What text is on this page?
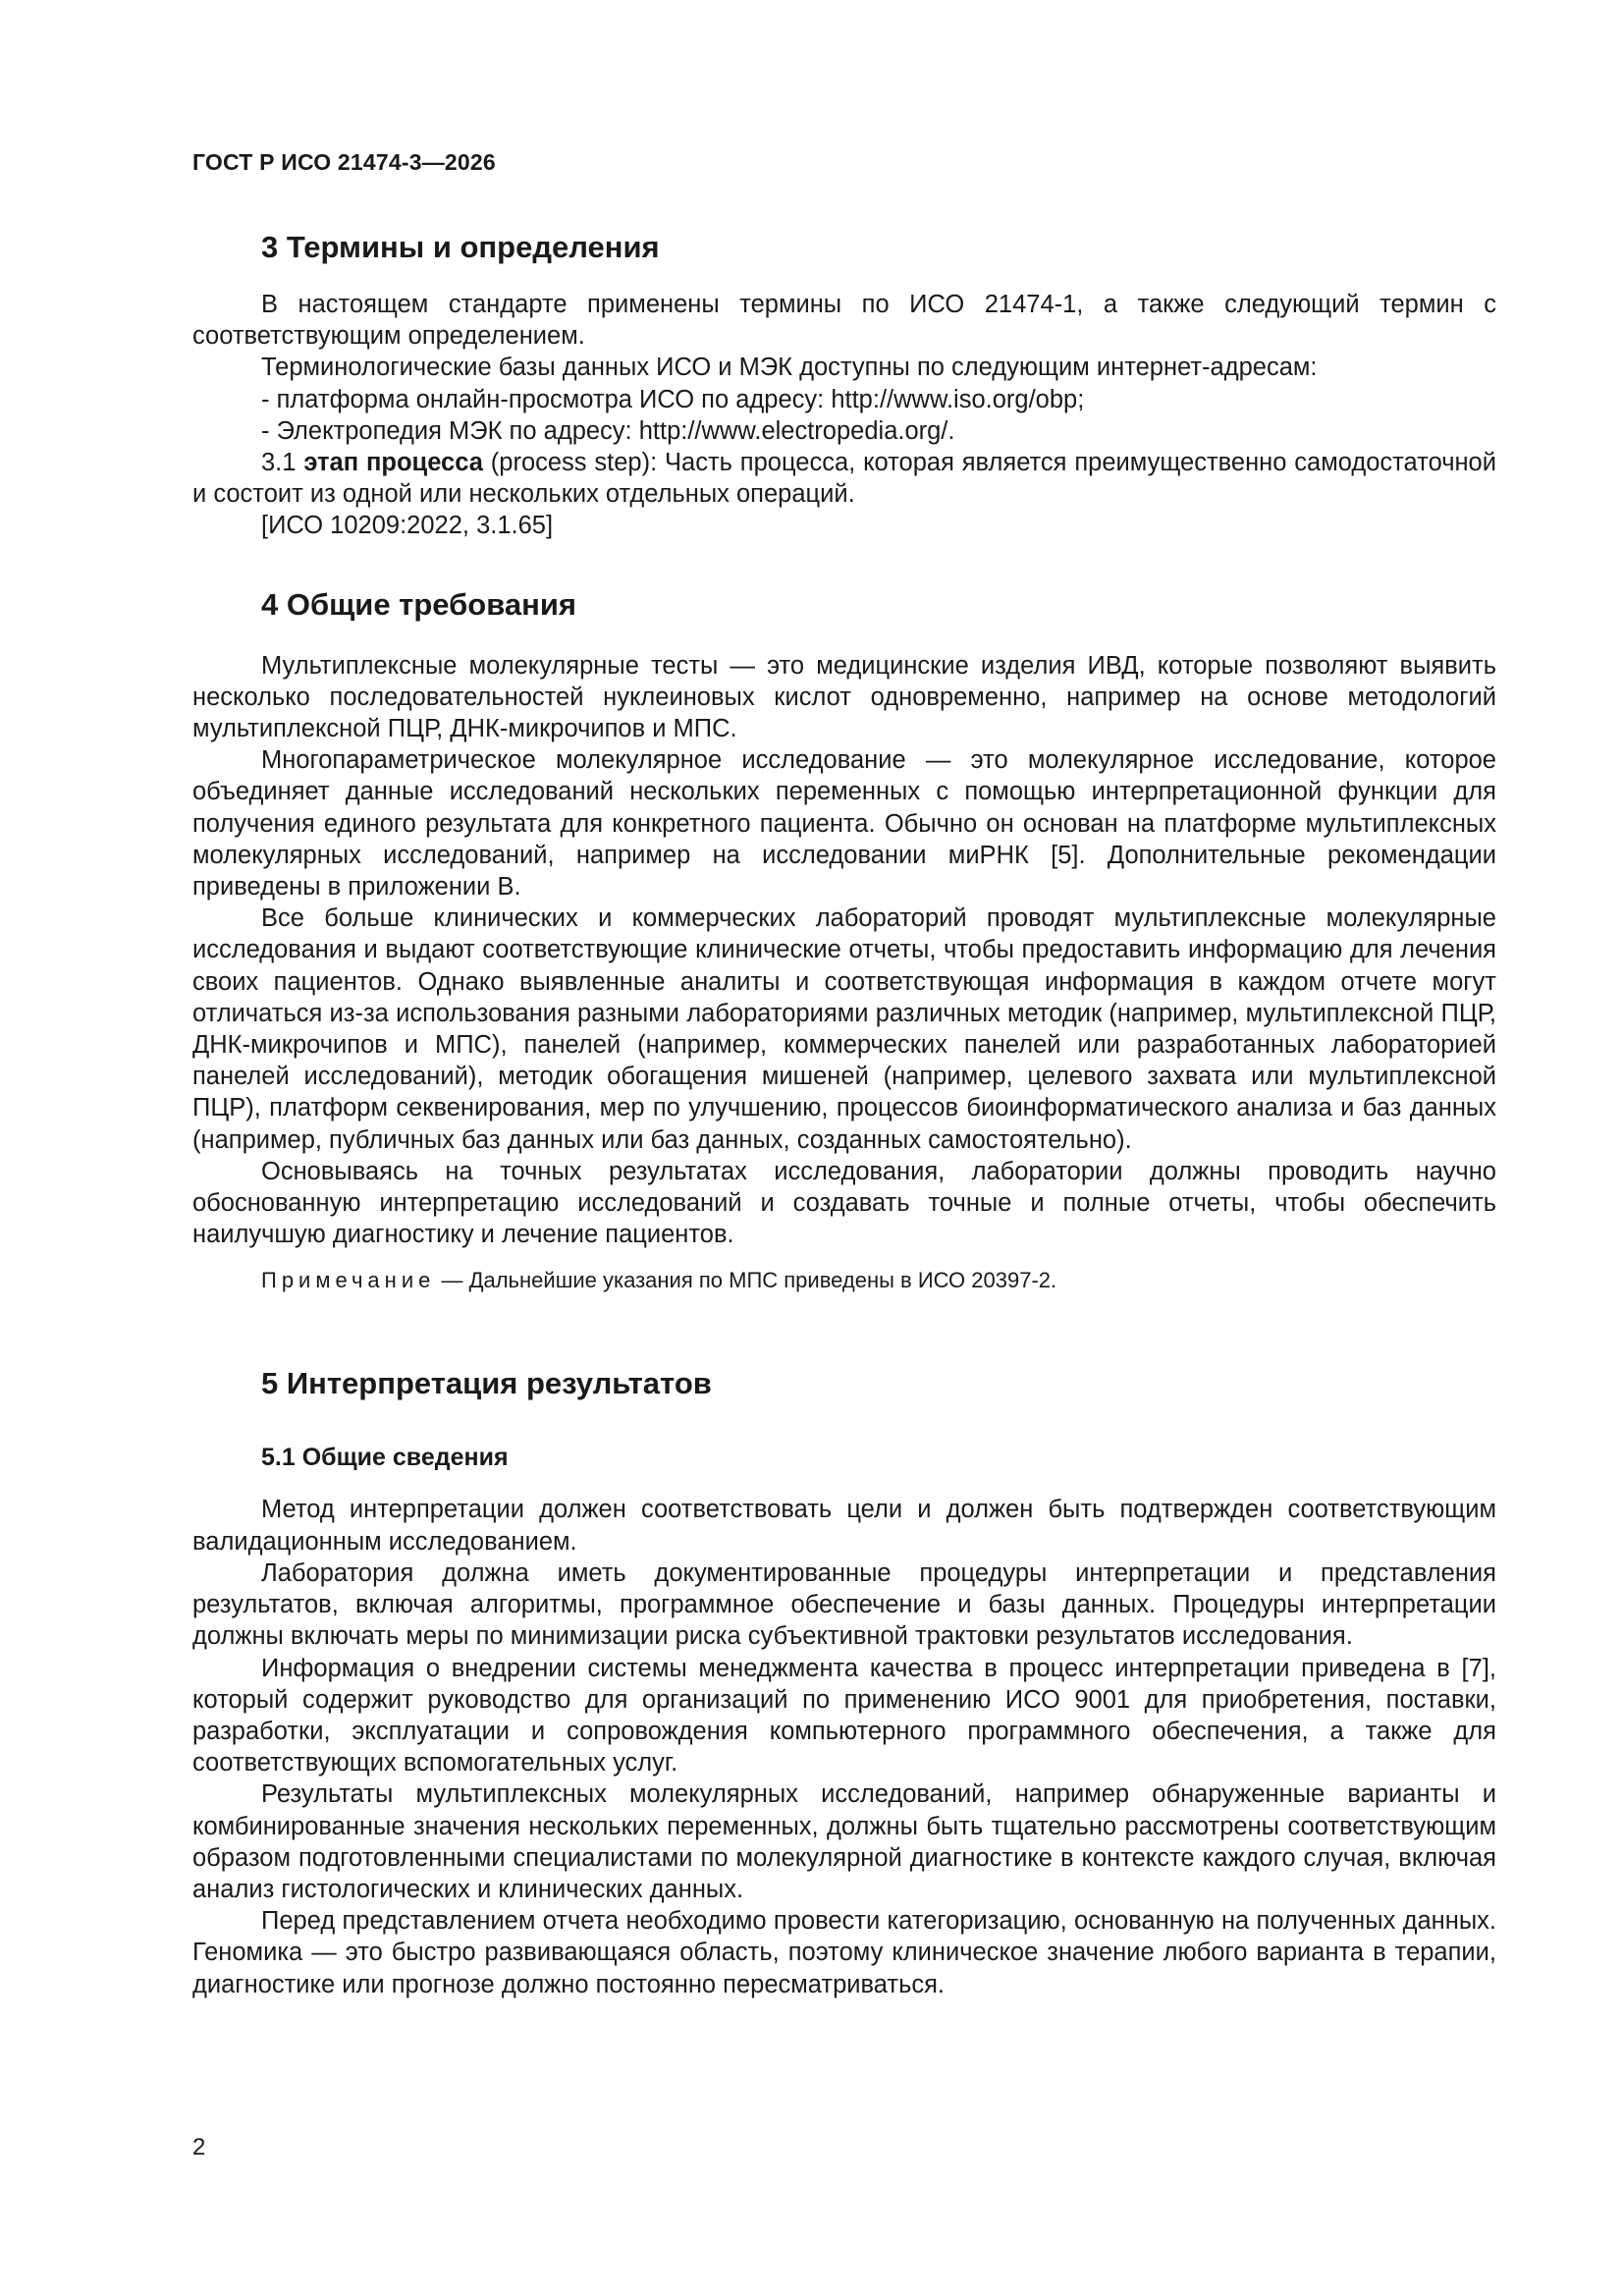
ГОСТ Р ИСО 21474-3—2026
3 Термины и определения

В настоящем стандарте применены термины по ИСО 21474-1, а также следующий термин с соответствующим определением.

Терминологические базы данных ИСО и МЭК доступны по следующим интернет-адресам:

- платформа онлайн-просмотра ИСО по адресу: http://www.iso.org/obp;

- Электропедия МЭК по адресу: http://www.electropedia.org/.

3.1 этап процесса (process step): Часть процесса, которая является преимущественно самодостаточной и состоит из одной или нескольких отдельных операций.

[ИСО 10209:2022, 3.1.65]

4 Общие требования

Мультиплексные молекулярные тесты — это медицинские изделия ИВД, которые позволяют выявить несколько последовательностей нуклеиновых кислот одновременно, например на основе методологий мультиплексной ПЦР, ДНК-микрочипов и МПС.

Многопараметрическое молекулярное исследование — это молекулярное исследование, которое объединяет данные исследований нескольких переменных с помощью интерпретационной функции для получения единого результата для конкретного пациента. Обычно он основан на платформе мультиплексных молекулярных исследований, например на исследовании миРНК [5]. Дополнительные рекомендации приведены в приложении В.

Все больше клинических и коммерческих лабораторий проводят мультиплексные молекулярные исследования и выдают соответствующие клинические отчеты, чтобы предоставить информацию для лечения своих пациентов. Однако выявленные аналиты и соответствующая информация в каждом отчете могут отличаться из-за использования разными лабораториями различных методик (например, мультиплексной ПЦР, ДНК-микрочипов и МПС), панелей (например, коммерческих панелей или разработанных лабораторией панелей исследований), методик обогащения мишеней (например, целевого захвата или мультиплексной ПЦР), платформ секвенирования, мер по улучшению, процессов биоинформатического анализа и баз данных (например, публичных баз данных или баз данных, созданных самостоятельно).

Основываясь на точных результатах исследования, лаборатории должны проводить научно обоснованную интерпретацию исследований и создавать точные и полные отчеты, чтобы обеспечить наилучшую диагностику и лечение пациентов.

Примечание — Дальнейшие указания по МПС приведены в ИСО 20397-2.
5 Интерпретация результатов
5.1 Общие сведения

Метод интерпретации должен соответствовать цели и должен быть подтвержден соответствующим валидационным исследованием.

Лаборатория должна иметь документированные процедуры интерпретации и представления результатов, включая алгоритмы, программное обеспечение и базы данных. Процедуры интерпретации должны включать меры по минимизации риска субъективной трактовки результатов исследования.

Информация о внедрении системы менеджмента качества в процесс интерпретации приведена в [7], который содержит руководство для организаций по применению ИСО 9001 для приобретения, поставки, разработки, эксплуатации и сопровождения компьютерного программного обеспечения, а также для соответствующих вспомогательных услуг.

Результаты мультиплексных молекулярных исследований, например обнаруженные варианты и комбинированные значения нескольких переменных, должны быть тщательно рассмотрены соответствующим образом подготовленными специалистами по молекулярной диагностике в контексте каждого случая, включая анализ гистологических и клинических данных.

Перед представлением отчета необходимо провести категоризацию, основанную на полученных данных. Геномика — это быстро развивающаяся область, поэтому клиническое значение любого варианта в терапии, диагностике или прогнозе должно постоянно пересматриваться.

2
